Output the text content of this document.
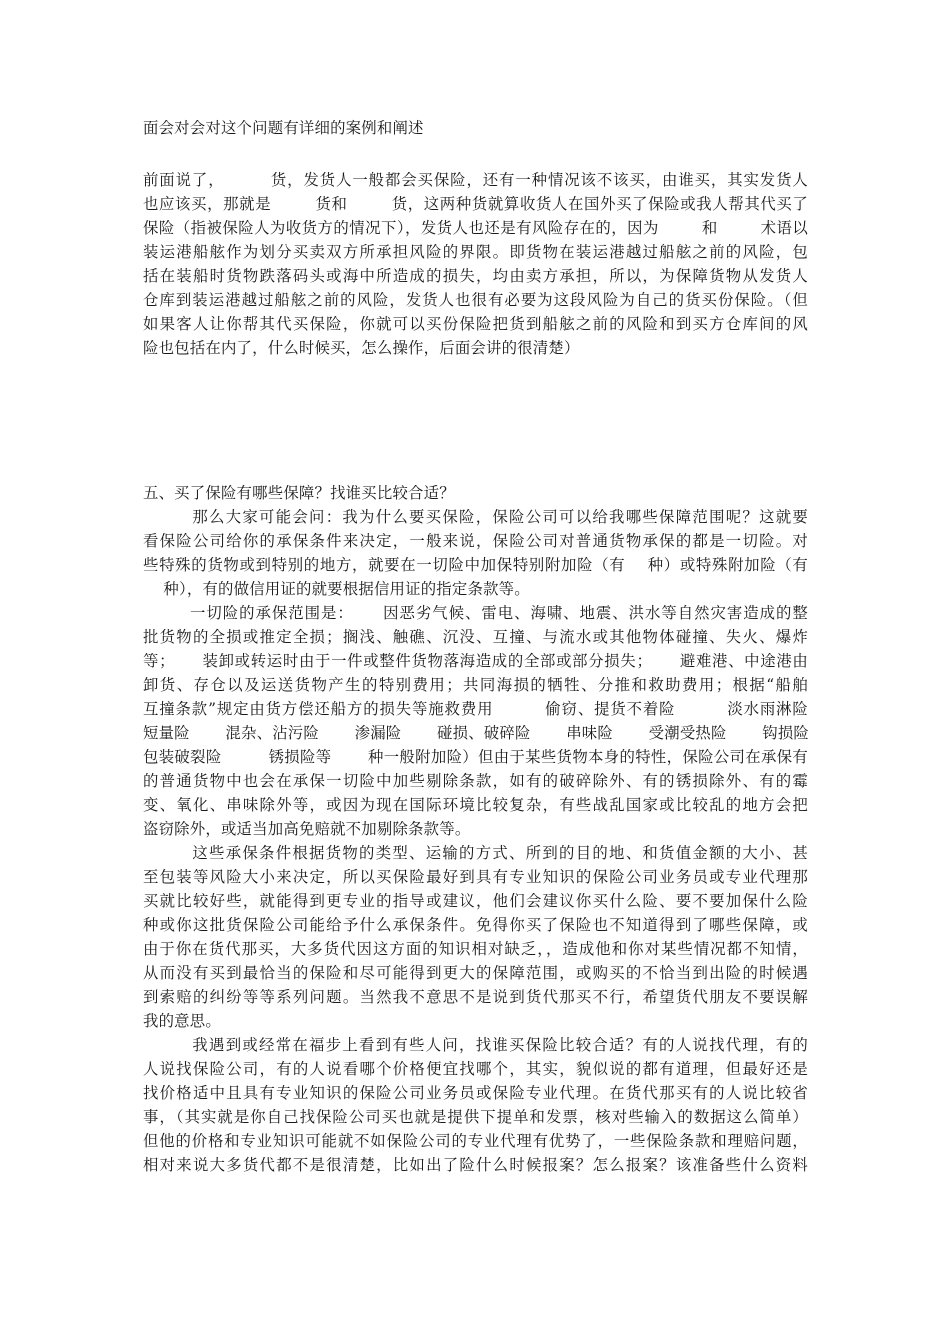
面会对会对这个问题有详细的案例和阐述
前面说了，        货，发货人一般都会买保险，还有一种情况该不该买，由谁买，其实发货人
也应该买，那就是        货和        货，这两种货就算收货人在国外买了保险或我人帮其代买了
保险（指被保险人为收货方的情况下），发货人也还是有风险存在的，因为        和        术语以
装运港船舷作为划分买卖双方所承担风险的界限。即货物在装运港越过船舷之前的风险，包
括在装船时货物跌落码头或海中所造成的损失，均由卖方承担，所以，为保障货物从发货人
仓库到装运港越过船舷之前的风险，发货人也很有必要为这段风险为自己的货买份保险。（但
如果客人让你帮其代买保险，你就可以买份保险把货到船舷之前的风险和到买方仓库间的风
险也包括在内了，什么时候买，怎么操作，后面会讲的很清楚）
五、买了保险有哪些保障？找谁买比较合适？
那么大家可能会问：我为什么要买保险，保险公司可以给我哪些保障范围呢？这就要
看保险公司给你的承保条件来决定，一般来说，保险公司对普通货物承保的都是一切险。对
些特殊的货物或到特别的地方，就要在一切险中加保特别附加险（有    种）或特殊附加险（有
种），有的做信用证的就要根据信用证的指定条款等。
一切险的承保范围是：     因恶劣气候、雷电、海啸、地震、洪水等自然灾害造成的整
批货物的全损或推定全损；搁浅、触礁、沉没、互撞、与流水或其他物体碰撞、失火、爆炸
等；     装卸或转运时由于一件或整件货物落海造成的全部或部分损失；     避难港、中途港由
卸货、存仓以及运送货物产生的特别费用；共同海损的牺牲、分推和救助费用；根据“船舶
互撞条款”规定由货方偿还船方的损失等施救费用         偷窃、提货不着险         淡水雨淋险
短量险       混杂、沾污险       渗漏险       碰损、破碎险       串味险       受潮受热险       钩损险
包装破裂险         锈损险等       种一般附加险）但由于某些货物本身的特性，保险公司在承保有
的普通货物中也会在承保一切险中加些剔除条款，如有的破碎除外、有的锈损除外、有的霉
变、氧化、串味除外等，或因为现在国际环境比较复杂，有些战乱国家或比较乱的地方会把
盗窃除外，或适当加高免赔就不加剔除条款等。
这些承保条件根据货物的类型、运输的方式、所到的目的地、和货值金额的大小、甚
至包装等风险大小来决定，所以买保险最好到具有专业知识的保险公司业务员或专业代理那
买就比较好些，就能得到更专业的指导或建议，他们会建议你买什么险、要不要加保什么险
种或你这批货保险公司能给予什么承保条件。免得你买了保险也不知道得到了哪些保障，或
由于你在货代那买，大多货代因这方面的知识相对缺乏，，造成他和你对某些情况都不知情，
从而没有买到最恰当的保险和尽可能得到更大的保障范围，或购买的不恰当到出险的时候遇
到索赔的纠纷等等系列问题。当然我不意思不是说到货代那买不行，希望货代朋友不要误解
我的意思。
我遇到或经常在福步上看到有些人问，找谁买保险比较合适？有的人说找代理，有的
人说找保险公司，有的人说看哪个价格便宜找哪个，其实，貌似说的都有道理，但最好还是
找价格适中且具有专业知识的保险公司业务员或保险专业代理。在货代那买有的人说比较省
事，（其实就是你自己找保险公司买也就是提供下提单和发票，核对些输入的数据这么简单）
但他的价格和专业知识可能就不如保险公司的专业代理有优势了，一些保险条款和理赔问题，
相对来说大多货代都不是很清楚，比如出了险什么时候报案？怎么报案？该准备些什么资料
